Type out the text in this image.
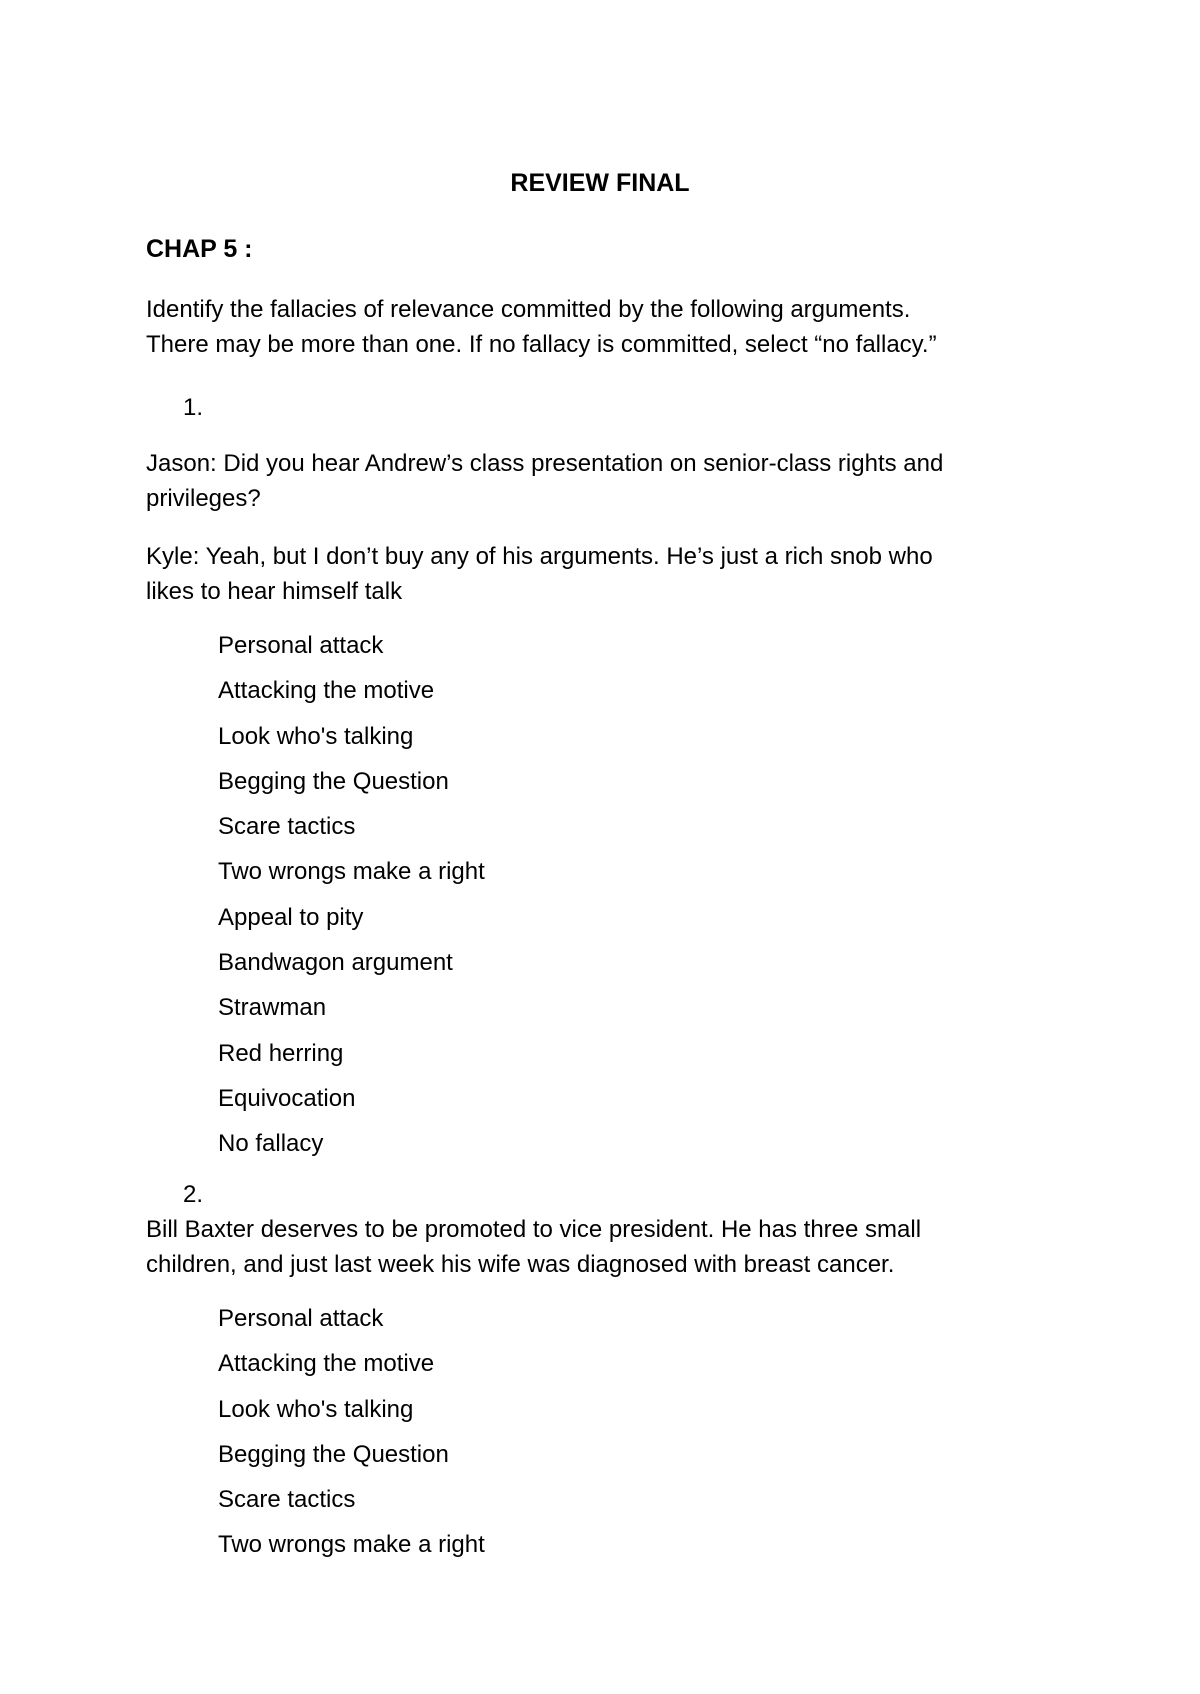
REVIEW FINAL
CHAP 5 :
Identify the fallacies of relevance committed by the following arguments.
There may be more than one. If no fallacy is committed, select “no fallacy.”
1.
Jason: Did you hear Andrew’s class presentation on senior-class rights and
privileges?
Kyle: Yeah, but I don’t buy any of his arguments. He’s just a rich snob who
likes to hear himself talk
Personal attack
Attacking the motive
Look who's talking
Begging the Question
Scare tactics
Two wrongs make a right
Appeal to pity
Bandwagon argument
Strawman
Red herring
Equivocation
No fallacy
2.
Bill Baxter deserves to be promoted to vice president. He has three small
children, and just last week his wife was diagnosed with breast cancer.
Personal attack
Attacking the motive
Look who's talking
Begging the Question
Scare tactics
Two wrongs make a right
